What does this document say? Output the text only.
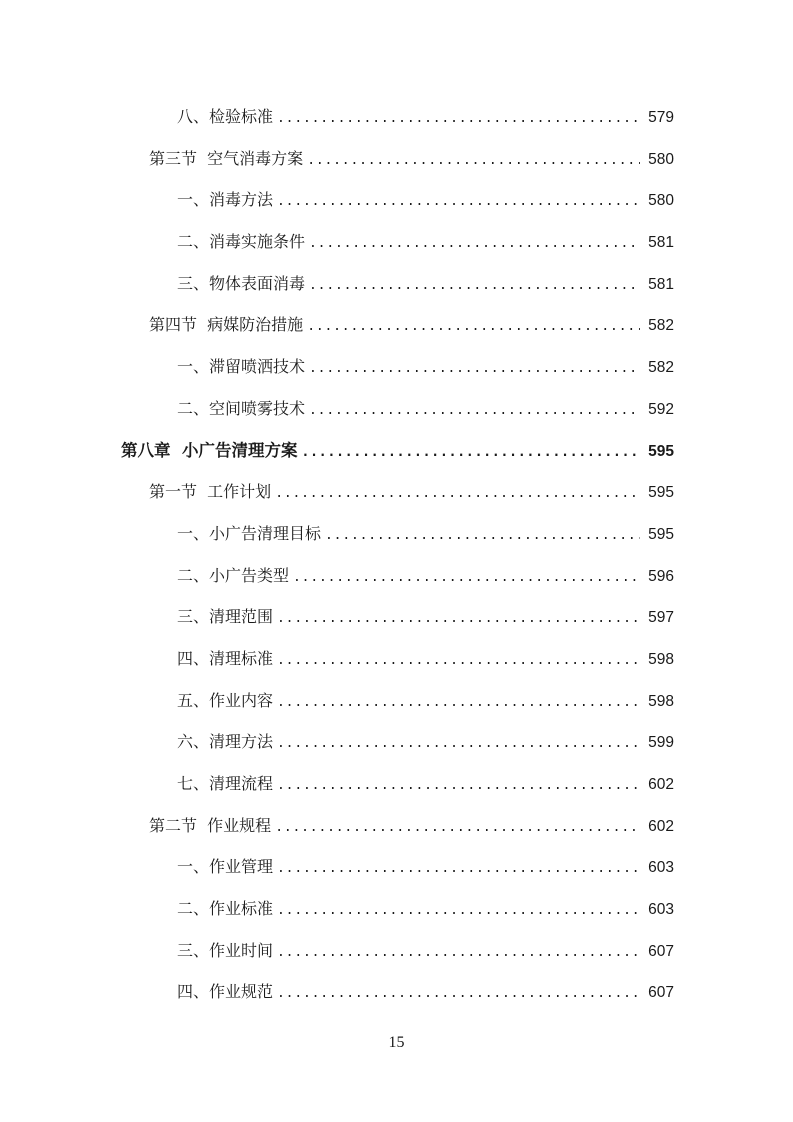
八、检验标准 . . .	579
第三节  空气消毒方案 . . .	580
一、消毒方法 . . .	580
二、消毒实施条件 . . .	581
三、物体表面消毒 . . .	581
第四节  病媒防治措施 . . .	582
一、滞留喷洒技术 . . .	582
二、空间喷雾技术 . . .	592
第八章  小广告清理方案 . . .	595
第一节  工作计划 . . .	595
一、小广告清理目标 . . .	595
二、小广告类型 . . .	596
三、清理范围 . . .	597
四、清理标准 . . .	598
五、作业内容 . . .	598
六、清理方法 . . .	599
七、清理流程 . . .	602
第二节  作业规程 . . .	602
一、作业管理 . . .	603
二、作业标准 . . .	603
三、作业时间 . . .	607
四、作业规范 . . .	607
15
